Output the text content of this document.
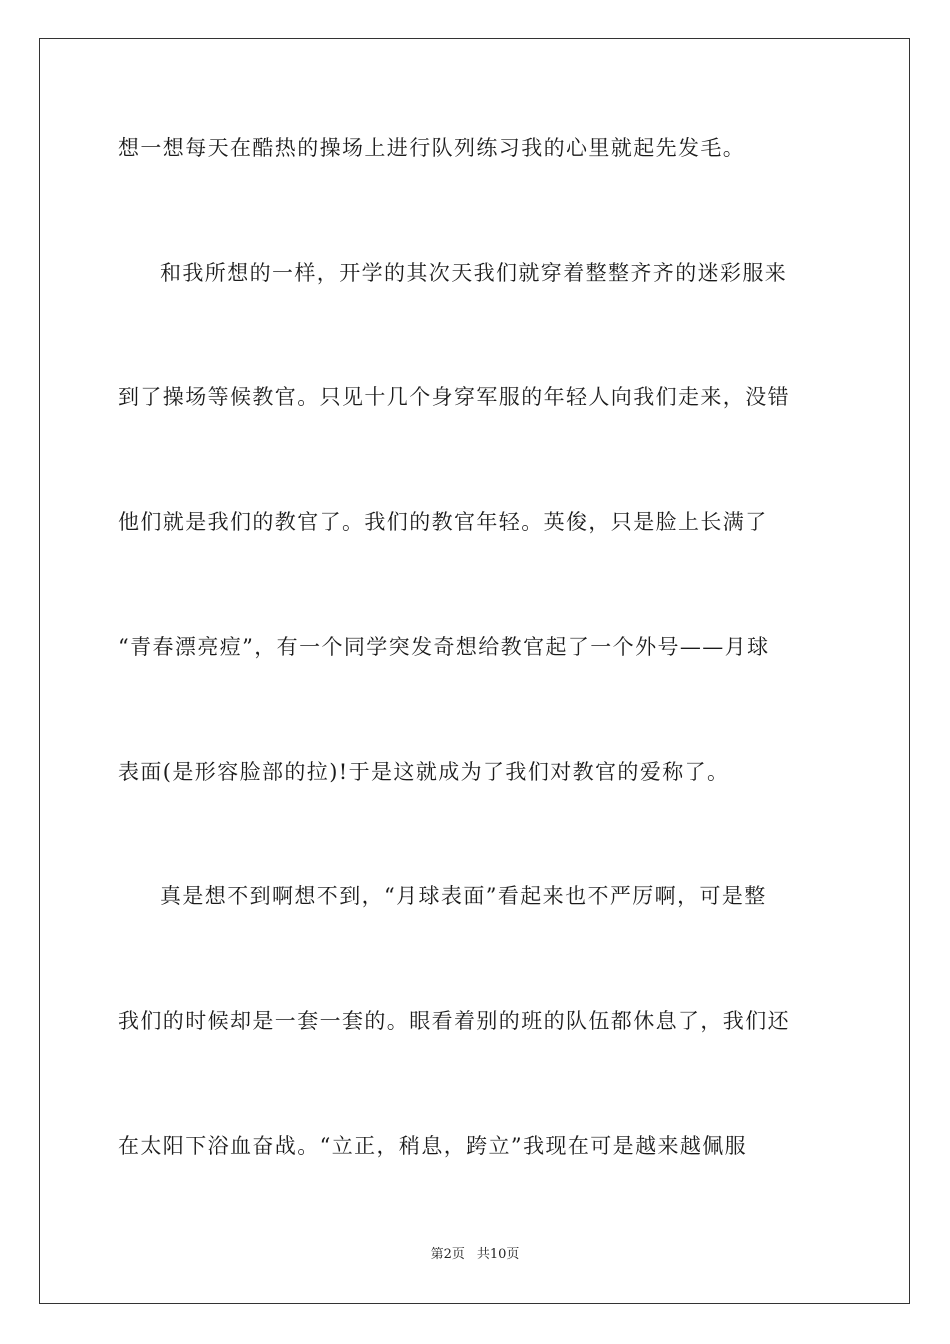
想一想每天在酷热的操场上进行队列练习我的心里就起先发毛。
和我所想的一样，开学的其次天我们就穿着整整齐齐的迷彩服来
到了操场等候教官。只见十几个身穿军服的年轻人向我们走来，没错
他们就是我们的教官了。我们的教官年轻。英俊，只是脸上长满了
“青春漂亮痘”，有一个同学突发奇想给教官起了一个外号——月球
表面(是形容脸部的拉)!于是这就成为了我们对教官的爱称了。
真是想不到啊想不到，“月球表面”看起来也不严厉啊，可是整
我们的时候却是一套一套的。眼看着别的班的队伍都休息了，我们还
在太阳下浴血奋战。“立正，稍息，跨立”我现在可是越来越佩服
第2页 共10页
